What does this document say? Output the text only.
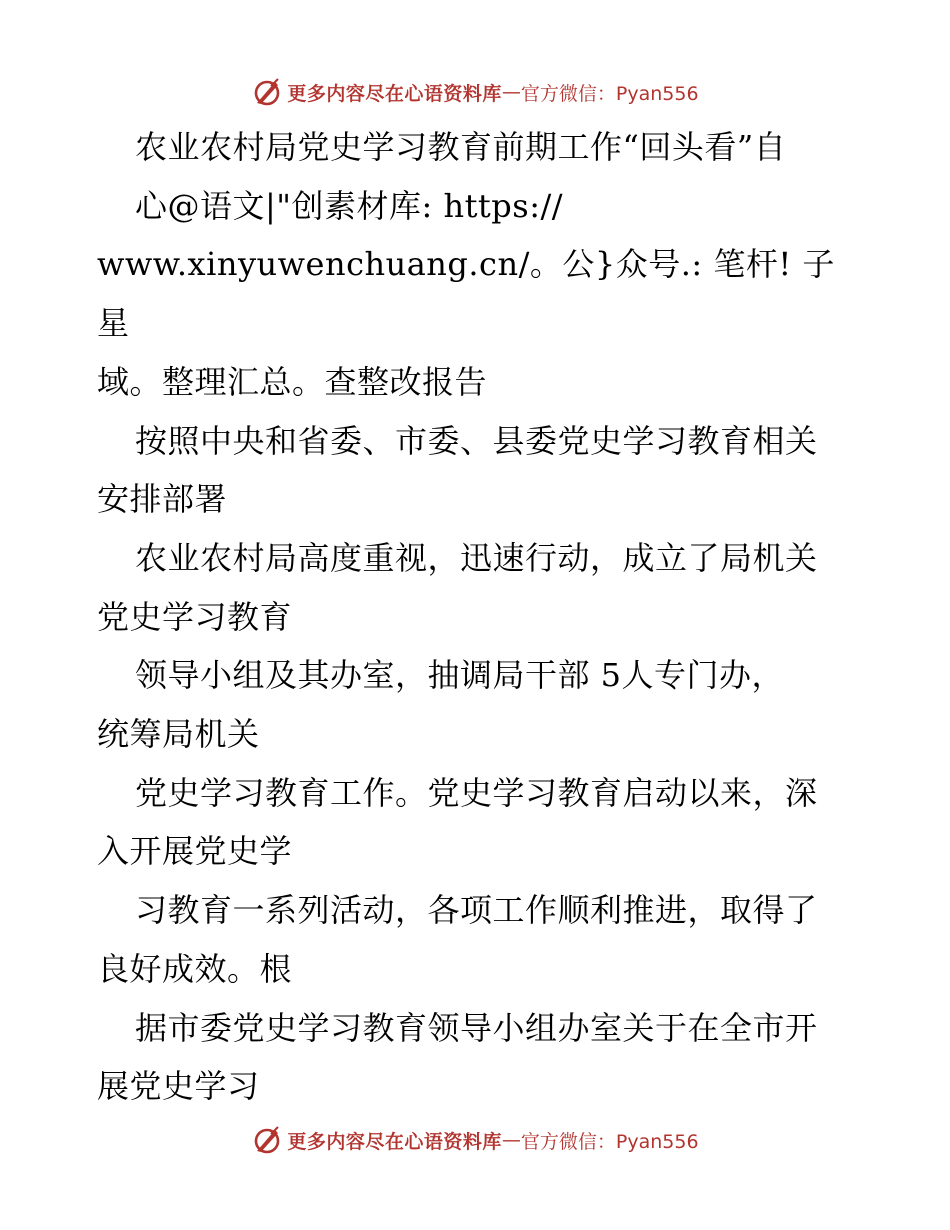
更多内容尽在心语资料库 — 官方微信：Pyan556

农业农村局党史学习教育前期工作“回头看”自

心@语文|"创素材库: https://

www.xinyuwenchuang.cn/。公}众号.: 笔杆! 子星

域。整理汇总。查整改报告

按照中央和省委、市委、县委党史学习教育相关

安排部署

农业农村局高度重视，迅速行动，成立了局机关

党史学习教育

领导小组及其办室，抽调局干部 5人专门办，

统筹局机关

党史学习教育工作。党史学习教育启动以来，深

入开展党史学

习教育一系列活动，各项工作顺利推进，取得了

良好成效。根

据市委党史学习教育领导小组办室关于在全市开

展党史学习

更多内容尽在心语资料库 — 官方微信：Pyan556
